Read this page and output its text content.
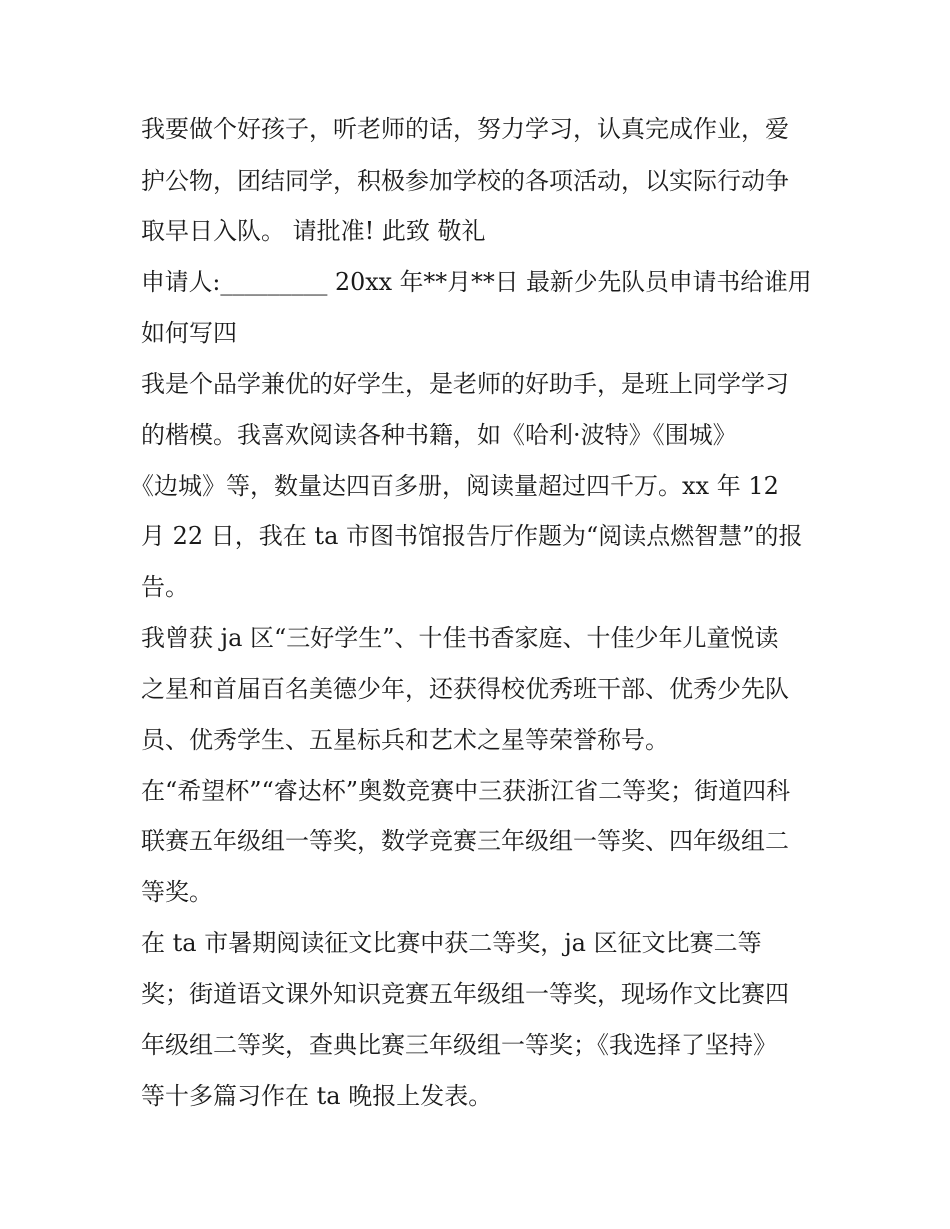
我要做个好孩子，听老师的话，努力学习，认真完成作业，爱
护公物，团结同学，积极参加学校的各项活动，以实际行动争
取早日入队。 请批准! 此致 敬礼
申请人:_________ 20xx 年**月**日 最新少先队员申请书给谁用
如何写四
我是个品学兼优的好学生，是老师的好助手，是班上同学学习
的楷模。我喜欢阅读各种书籍，如《哈利·波特》《围城》
《边城》等，数量达四百多册，阅读量超过四千万。xx 年 12
月 22 日，我在 ta 市图书馆报告厅作题为“阅读点燃智慧”的报
告。
我曾获 ja 区“三好学生”、十佳书香家庭、十佳少年儿童悦读
之星和首届百名美德少年，还获得校优秀班干部、优秀少先队
员、优秀学生、五星标兵和艺术之星等荣誉称号。
在“希望杯”“睿达杯”奥数竞赛中三获浙江省二等奖；街道四科
联赛五年级组一等奖，数学竞赛三年级组一等奖、四年级组二
等奖。
在 ta 市暑期阅读征文比赛中获二等奖，ja 区征文比赛二等
奖；街道语文课外知识竞赛五年级组一等奖，现场作文比赛四
年级组二等奖，查典比赛三年级组一等奖；《我选择了坚持》
等十多篇习作在 ta 晚报上发表。
